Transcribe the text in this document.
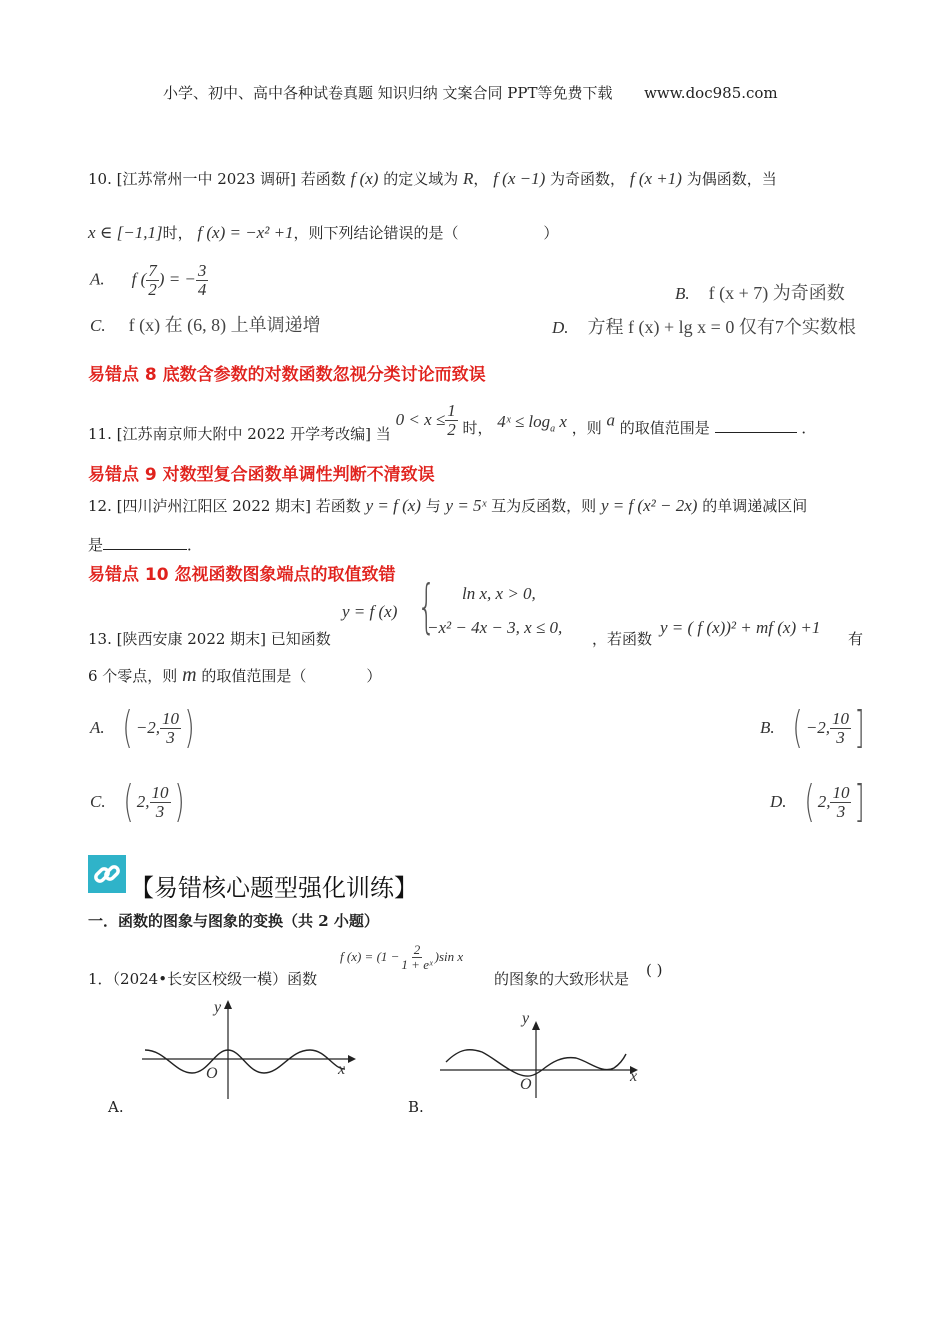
小学、初中、高中各种试卷真题 知识归纳 文案合同 PPT等免费下载 www.doc985.com
10. [江苏常州一中 2023 调研] 若函数 f (x) 的定义域为 R， f (x −1) 为奇函数， f (x +1) 为偶函数，当
x ∈ [−1,1]时， f (x) = −x² +1，则下列结论错误的是（	）
A. f ( $\frac{7}{2}$ ) = − $\frac{3}{4}$	B. f (x + 7) 为奇函数
C. f (x) 在 (6, 8) 上单调递增	D. 方程 f (x) + lg x = 0 仅有7个实数根
易错点 8 底数含参数的对数函数忽视分类讨论而致误
11. [江苏南京师大附中 2022 开学考改编] 当
$0 < x \le \frac{1}{2}$ 时， 4ˣ ≤ $\log_a x$ ，则 a 的取值范围是	．
易错点 9 对数型复合函数单调性判断不清致误
12. [四川泸州江阳区 2022 期末] 若函数 y = f (x) 与 y = 5ˣ 互为反函数，则 y = f (x² − 2x) 的单调递减区间
是	．
易错点 10 忽视函数图象端点的取值致错
y = f (x) { ln x, x > 0,
−x² − 4x − 3, x ≤ 0,
13. [陕西安康 2022 期末] 已知函数	，若函数
y = ( f (x))² + mf (x) +1
有
6 个零点，则 m 的取值范围是（	）
A. ( −2, $\frac{10}{3}$ )	B. ( −2, $\frac{10}{3}$ ]
C. ( 2, $\frac{10}{3}$ )	D. ( 2, $\frac{10}{3}$ ]
【易错核心题型强化训练】
一．函数的图象与图象的变换（共 2 小题）
1．（2024•长安区校级一模）函数
f $(x) = (1 - \frac{2}{\text{1 + eˣ}} )\sin$ x
的图象的大致形状是 ( )
y
x
O
A.
y
x
O
B.
